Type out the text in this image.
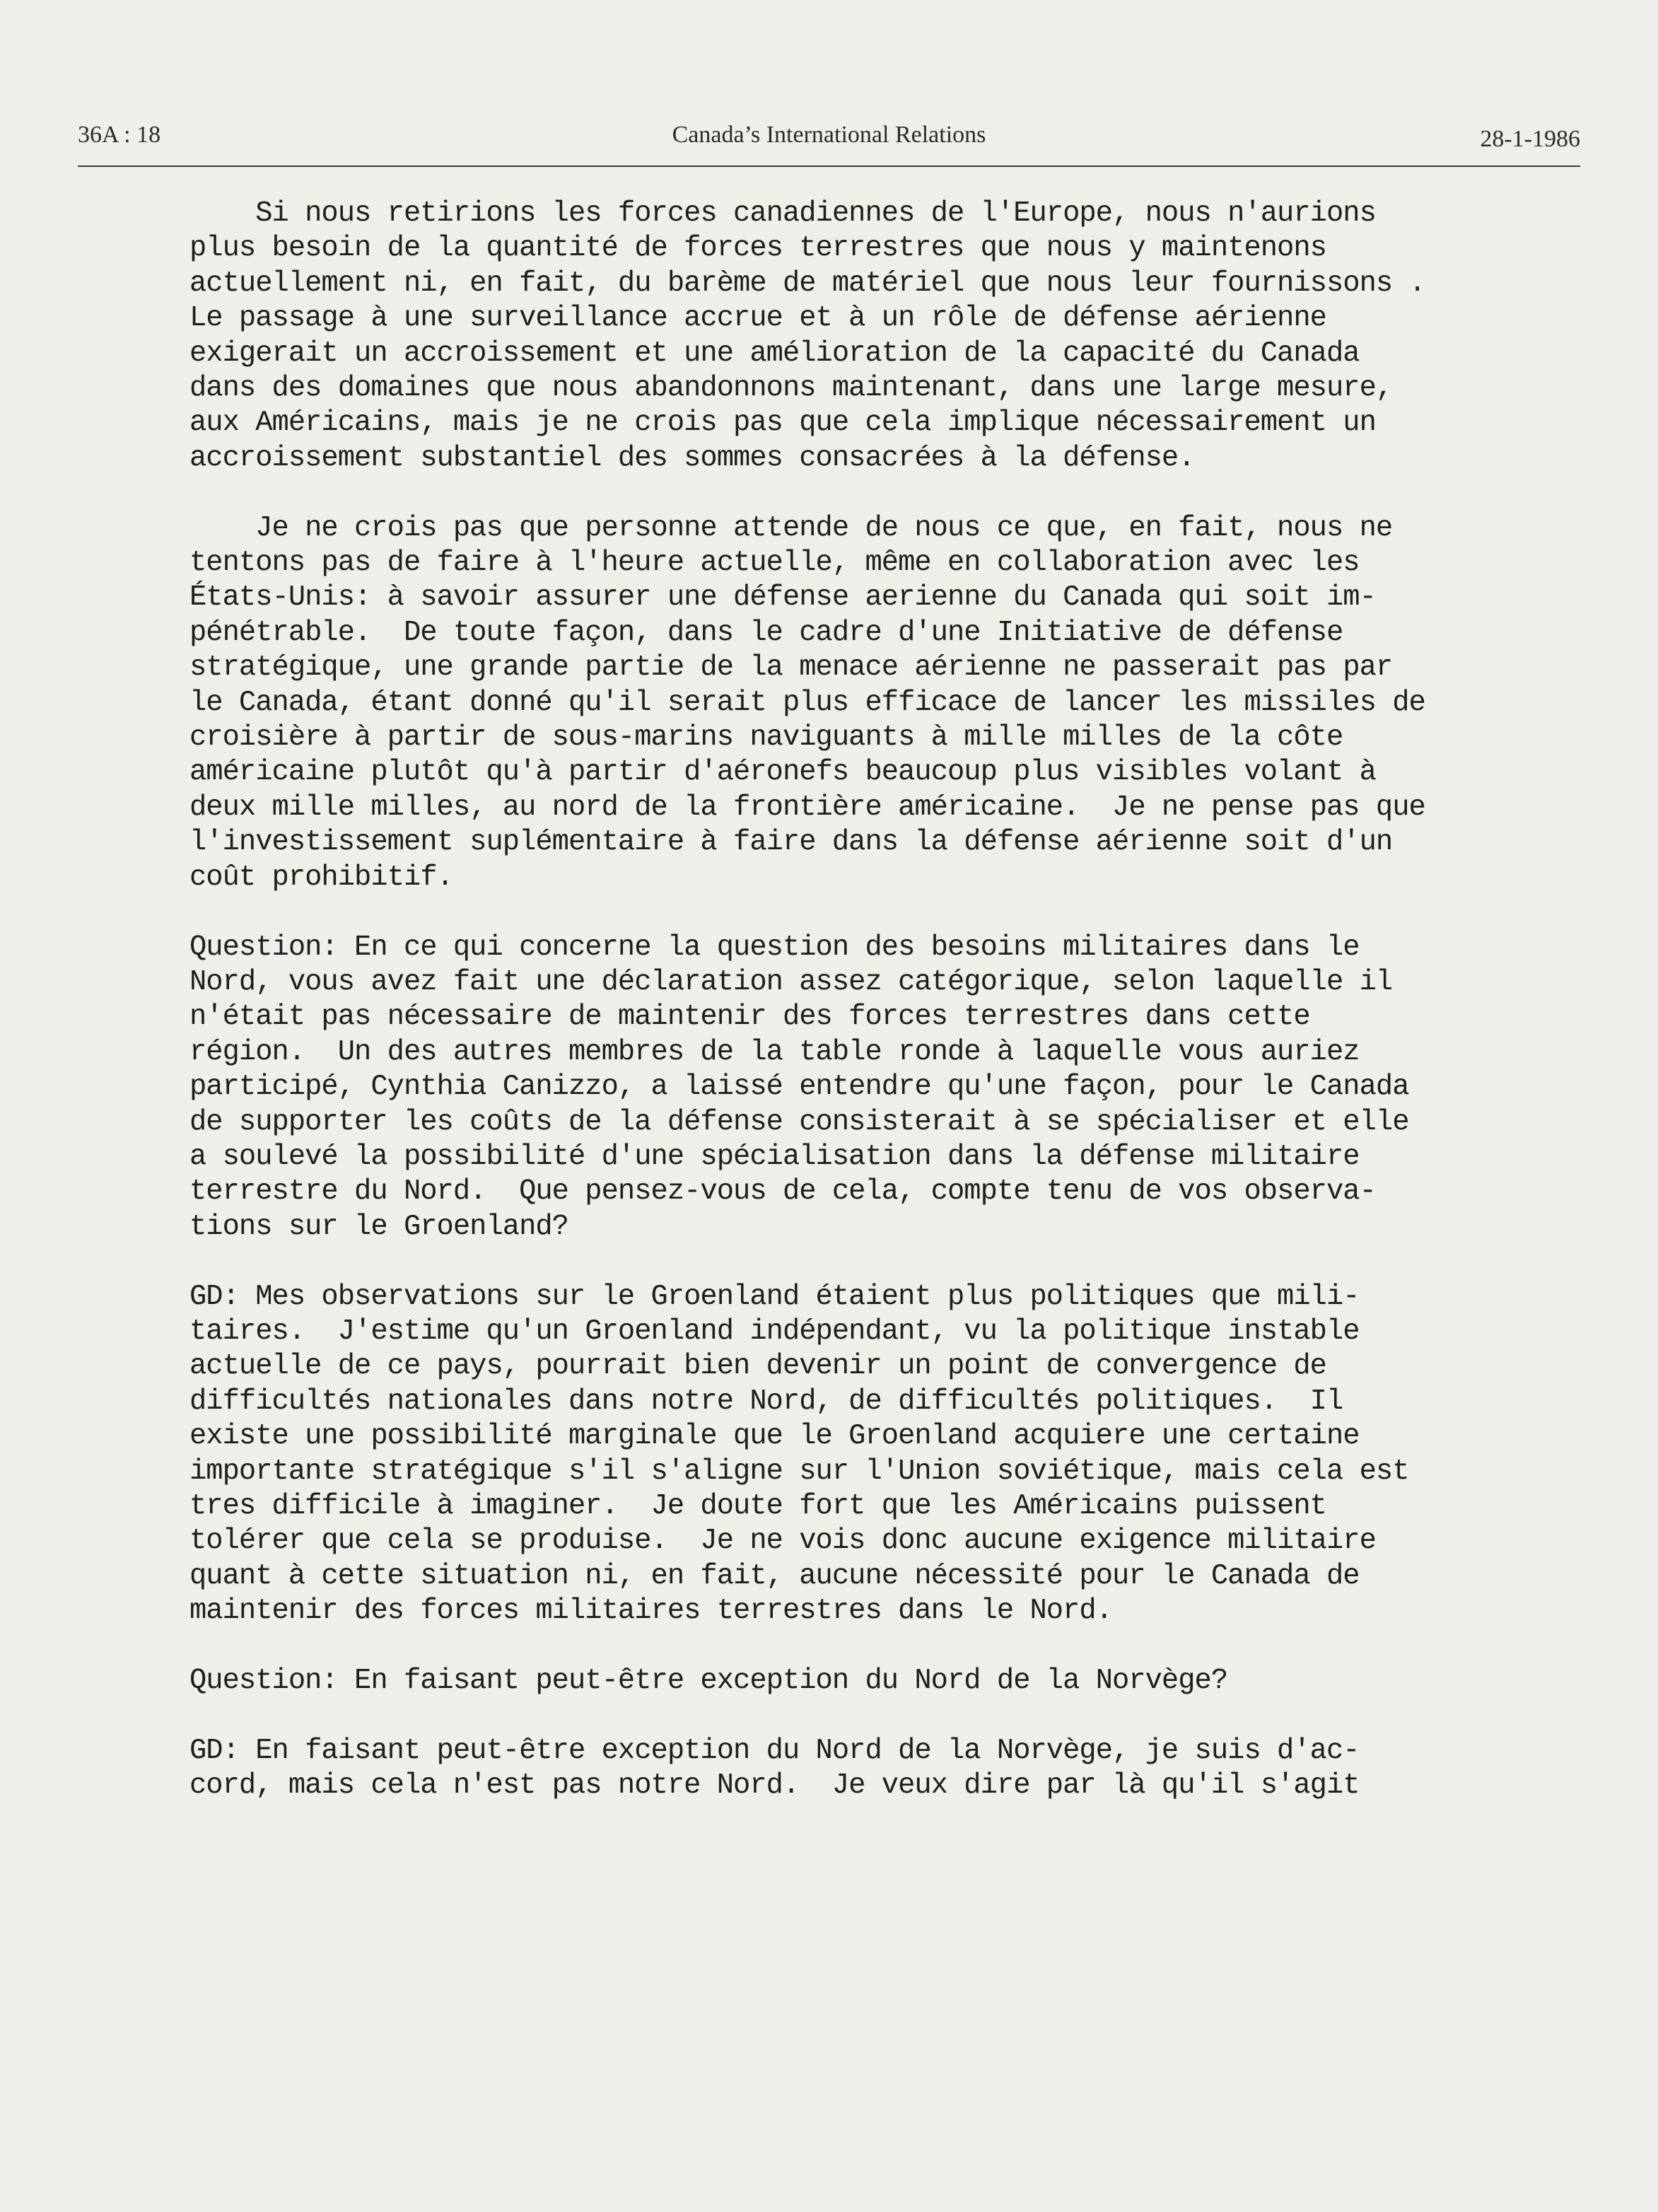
36A : 18	Canada’s International Relations	28-1-1986
Si nous retirions les forces canadiennes de l'Europe, nous n'aurions
plus besoin de la quantité de forces terrestres que nous y maintenons
actuellement ni, en fait, du barème de matériel que nous leur fournissons .
Le passage à une surveillance accrue et à un rôle de défense aérienne
exigerait un accroissement et une amélioration de la capacité du Canada
dans des domaines que nous abandonnons maintenant, dans une large mesure,
aux Américains, mais je ne crois pas que cela implique nécessairement un
accroissement substantiel des sommes consacrées à la défense.
Je ne crois pas que personne attende de nous ce que, en fait, nous ne
tentons pas de faire à l'heure actuelle, même en collaboration avec les
États-Unis: à savoir assurer une défense aerienne du Canada qui soit im-
pénétrable.  De toute façon, dans le cadre d'une Initiative de défense
stratégique, une grande partie de la menace aérienne ne passerait pas par
le Canada, étant donné qu'il serait plus efficace de lancer les missiles de
croisière à partir de sous-marins naviguants à mille milles de la côte
américaine plutôt qu'à partir d'aéronefs beaucoup plus visibles volant à
deux mille milles, au nord de la frontière américaine.  Je ne pense pas que
l'investissement suplémentaire à faire dans la défense aérienne soit d'un
coût prohibitif.
Question: En ce qui concerne la question des besoins militaires dans le
Nord, vous avez fait une déclaration assez catégorique, selon laquelle il
n'était pas nécessaire de maintenir des forces terrestres dans cette
région.  Un des autres membres de la table ronde à laquelle vous auriez
participé, Cynthia Canizzo, a laissé entendre qu'une façon, pour le Canada
de supporter les coûts de la défense consisterait à se spécialiser et elle
a soulevé la possibilité d'une spécialisation dans la défense militaire
terrestre du Nord.  Que pensez-vous de cela, compte tenu de vos observa-
tions sur le Groenland?
GD: Mes observations sur le Groenland étaient plus politiques que mili-
taires.  J'estime qu'un Groenland indépendant, vu la politique instable
actuelle de ce pays, pourrait bien devenir un point de convergence de
difficultés nationales dans notre Nord, de difficultés politiques.  Il
existe une possibilité marginale que le Groenland acquiere une certaine
importante stratégique s'il s'aligne sur l'Union soviétique, mais cela est
tres difficile à imaginer.  Je doute fort que les Américains puissent
tolérer que cela se produise.  Je ne vois donc aucune exigence militaire
quant à cette situation ni, en fait, aucune nécessité pour le Canada de
maintenir des forces militaires terrestres dans le Nord.
Question: En faisant peut-être exception du Nord de la Norvège?
GD: En faisant peut-être exception du Nord de la Norvège, je suis d'ac-
cord, mais cela n'est pas notre Nord.  Je veux dire par là qu'il s'agit
